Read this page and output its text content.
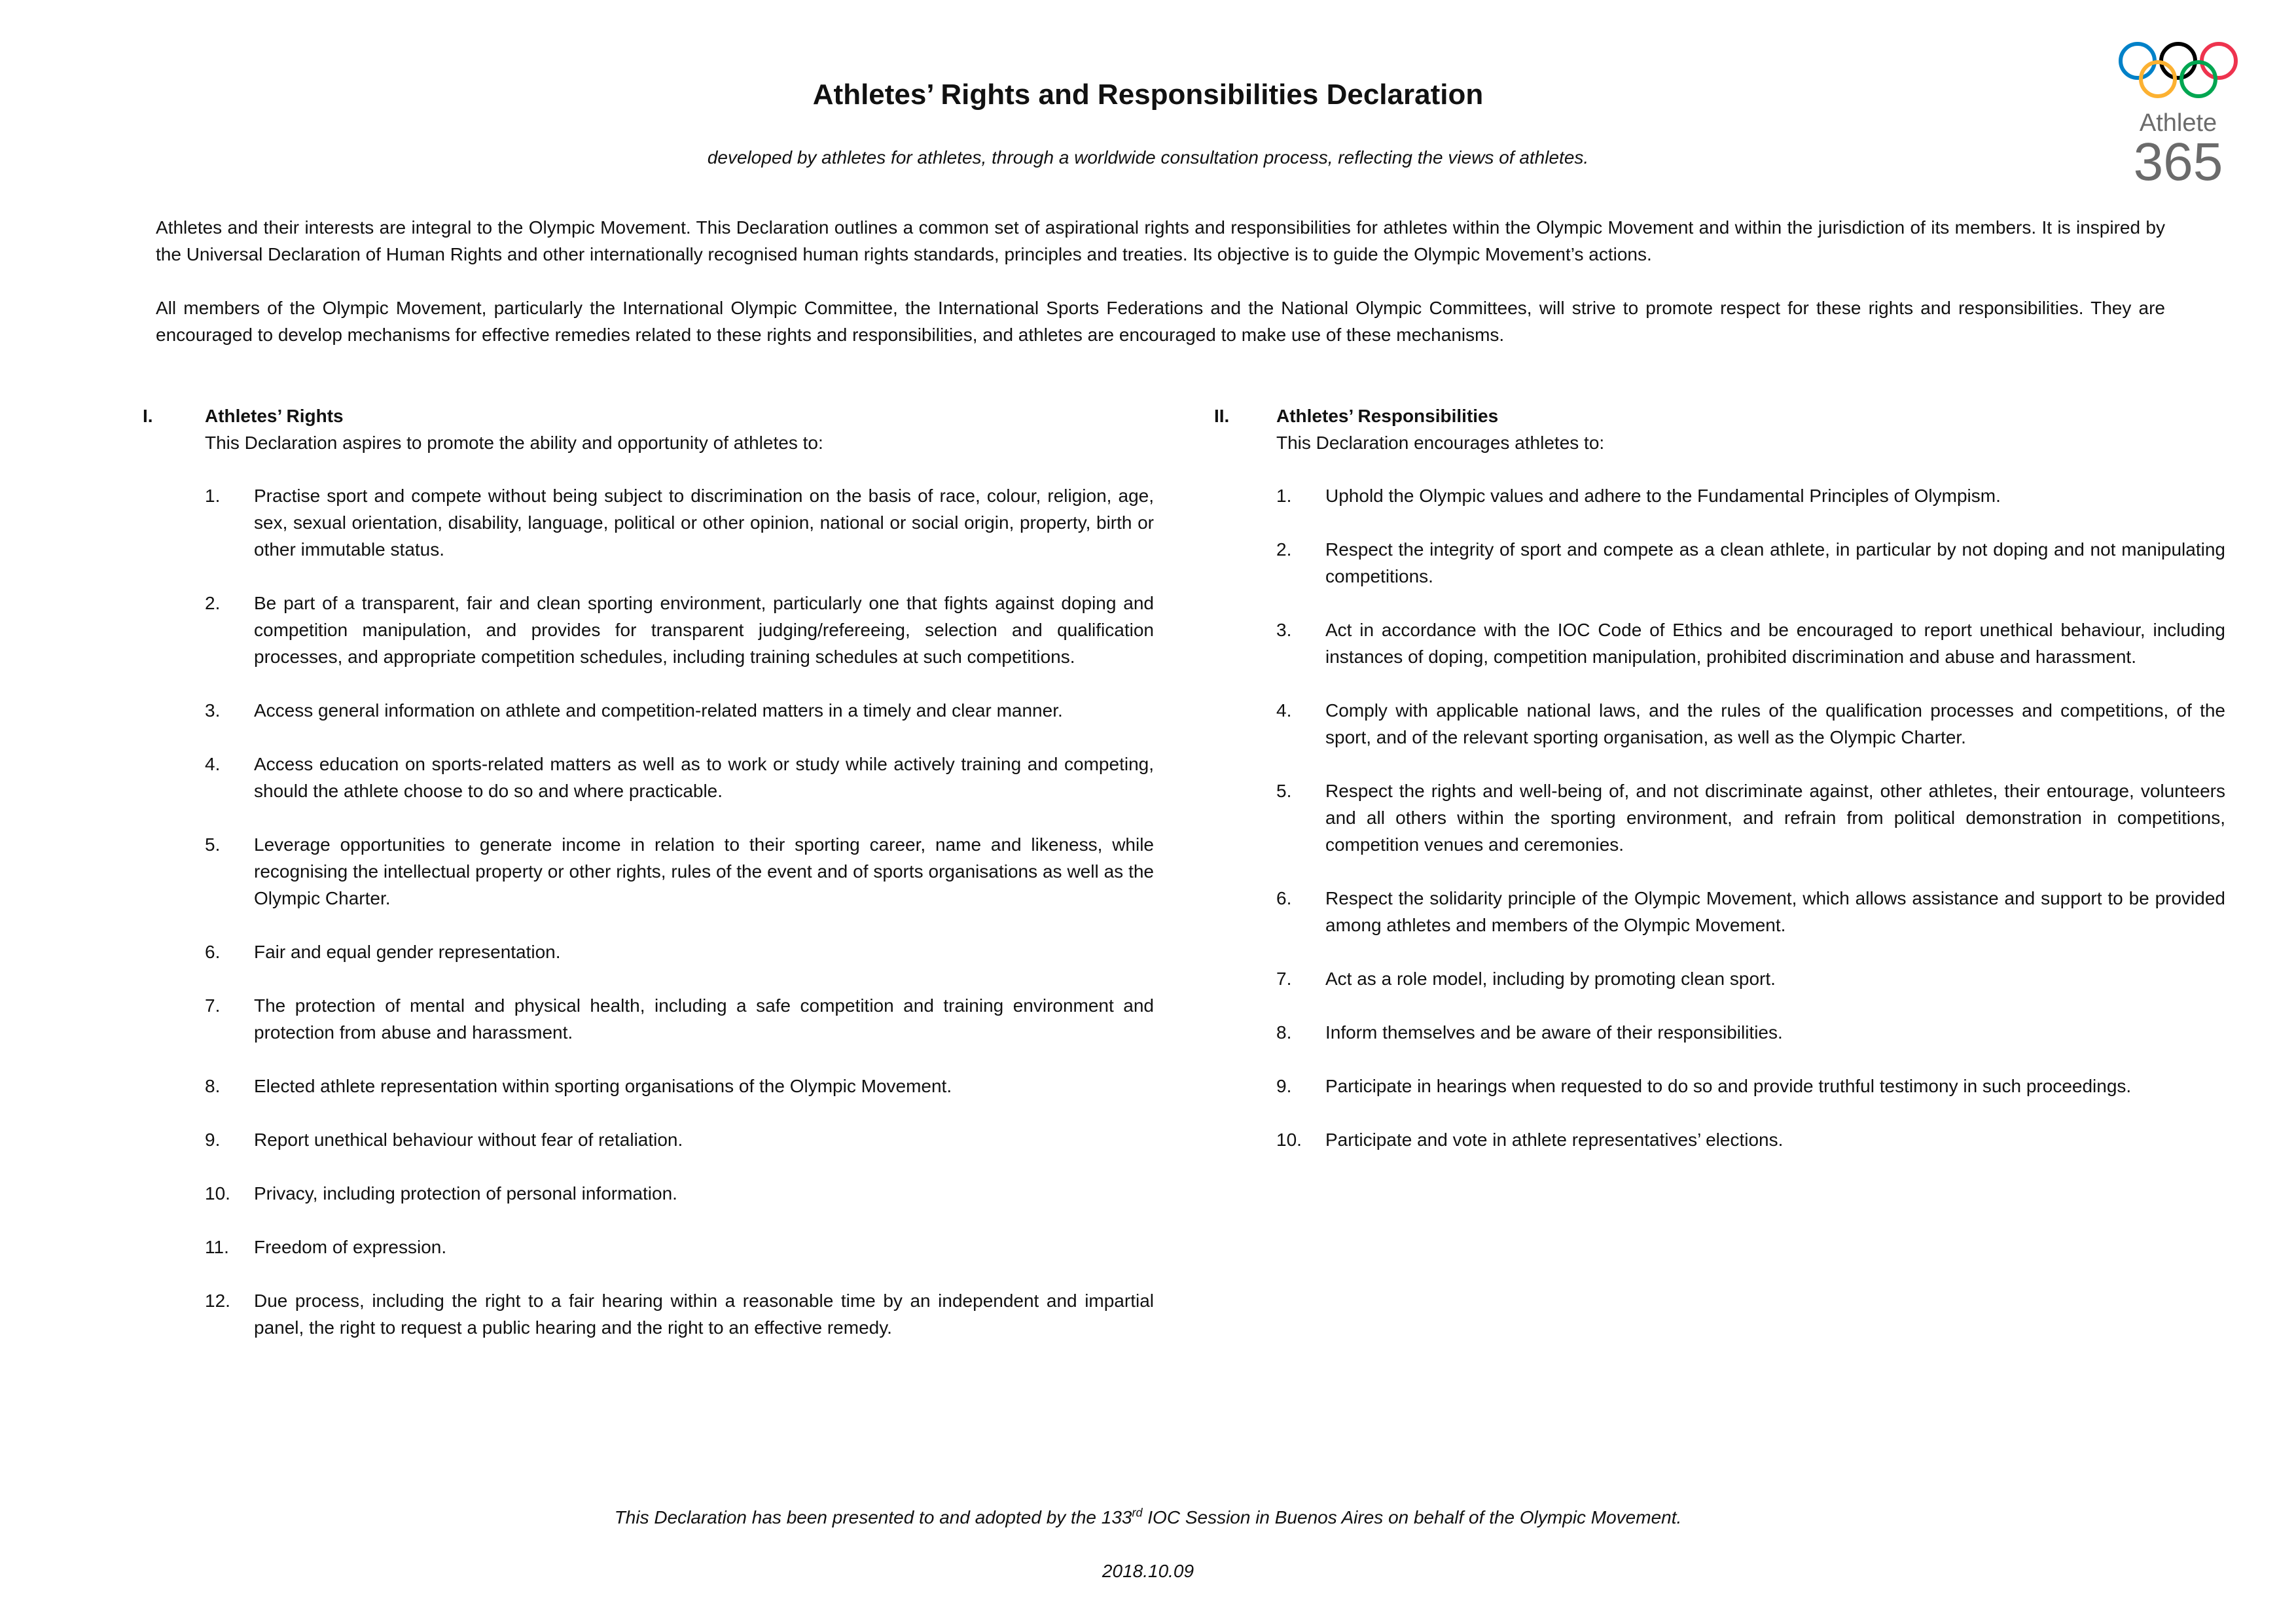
Athletes’ Rights and Responsibilities Declaration
developed by athletes for athletes, through a worldwide consultation process, reflecting the views of athletes.
Athlete
365
Athletes and their interests are integral to the Olympic Movement. This Declaration outlines a common set of aspirational rights and responsibilities for athletes within the Olympic Movement and within the jurisdiction of its members. It is inspired by the Universal Declaration of Human Rights and other internationally recognised human rights standards, principles and treaties. Its objective is to guide the Olympic Movement’s actions.
All members of the Olympic Movement, particularly the International Olympic Committee, the International Sports Federations and the National Olympic Committees, will strive to promote respect for these rights and responsibilities. They are encouraged to develop mechanisms for effective remedies related to these rights and responsibilities, and athletes are encouraged to make use of these mechanisms.
I.	Athletes’ Rights
This Declaration aspires to promote the ability and opportunity of athletes to:
1. Practise sport and compete without being subject to discrimination on the basis of race, colour, religion, age, sex, sexual orientation, disability, language, political or other opinion, national or social origin, property, birth or other immutable status.
2. Be part of a transparent, fair and clean sporting environment, particularly one that fights against doping and competition manipulation, and provides for transparent judging/refereeing, selection and qualification processes, and appropriate competition schedules, including training schedules at such competitions.
3. Access general information on athlete and competition-related matters in a timely and clear manner.
4. Access education on sports-related matters as well as to work or study while actively training and competing, should the athlete choose to do so and where practicable.
5. Leverage opportunities to generate income in relation to their sporting career, name and likeness, while recognising the intellectual property or other rights, rules of the event and of sports organisations as well as the Olympic Charter.
6. Fair and equal gender representation.
7. The protection of mental and physical health, including a safe competition and training environment and protection from abuse and harassment.
8. Elected athlete representation within sporting organisations of the Olympic Movement.
9. Report unethical behaviour without fear of retaliation.
10. Privacy, including protection of personal information.
11. Freedom of expression.
12. Due process, including the right to a fair hearing within a reasonable time by an independent and impartial panel, the right to request a public hearing and the right to an effective remedy.
II.	Athletes’ Responsibilities
This Declaration encourages athletes to:
1. Uphold the Olympic values and adhere to the Fundamental Principles of Olympism.
2. Respect the integrity of sport and compete as a clean athlete, in particular by not doping and not manipulating competitions.
3. Act in accordance with the IOC Code of Ethics and be encouraged to report unethical behaviour, including instances of doping, competition manipulation, prohibited discrimination and abuse and harassment.
4. Comply with applicable national laws, and the rules of the qualification processes and competitions, of the sport, and of the relevant sporting organisation, as well as the Olympic Charter.
5. Respect the rights and well-being of, and not discriminate against, other athletes, their entourage, volunteers and all others within the sporting environment, and refrain from political demonstration in competitions, competition venues and ceremonies.
6. Respect the solidarity principle of the Olympic Movement, which allows assistance and support to be provided among athletes and members of the Olympic Movement.
7. Act as a role model, including by promoting clean sport.
8. Inform themselves and be aware of their responsibilities.
9. Participate in hearings when requested to do so and provide truthful testimony in such proceedings.
10. Participate and vote in athlete representatives’ elections.
This Declaration has been presented to and adopted by the 133rd IOC Session in Buenos Aires on behalf of the Olympic Movement.
2018.10.09
